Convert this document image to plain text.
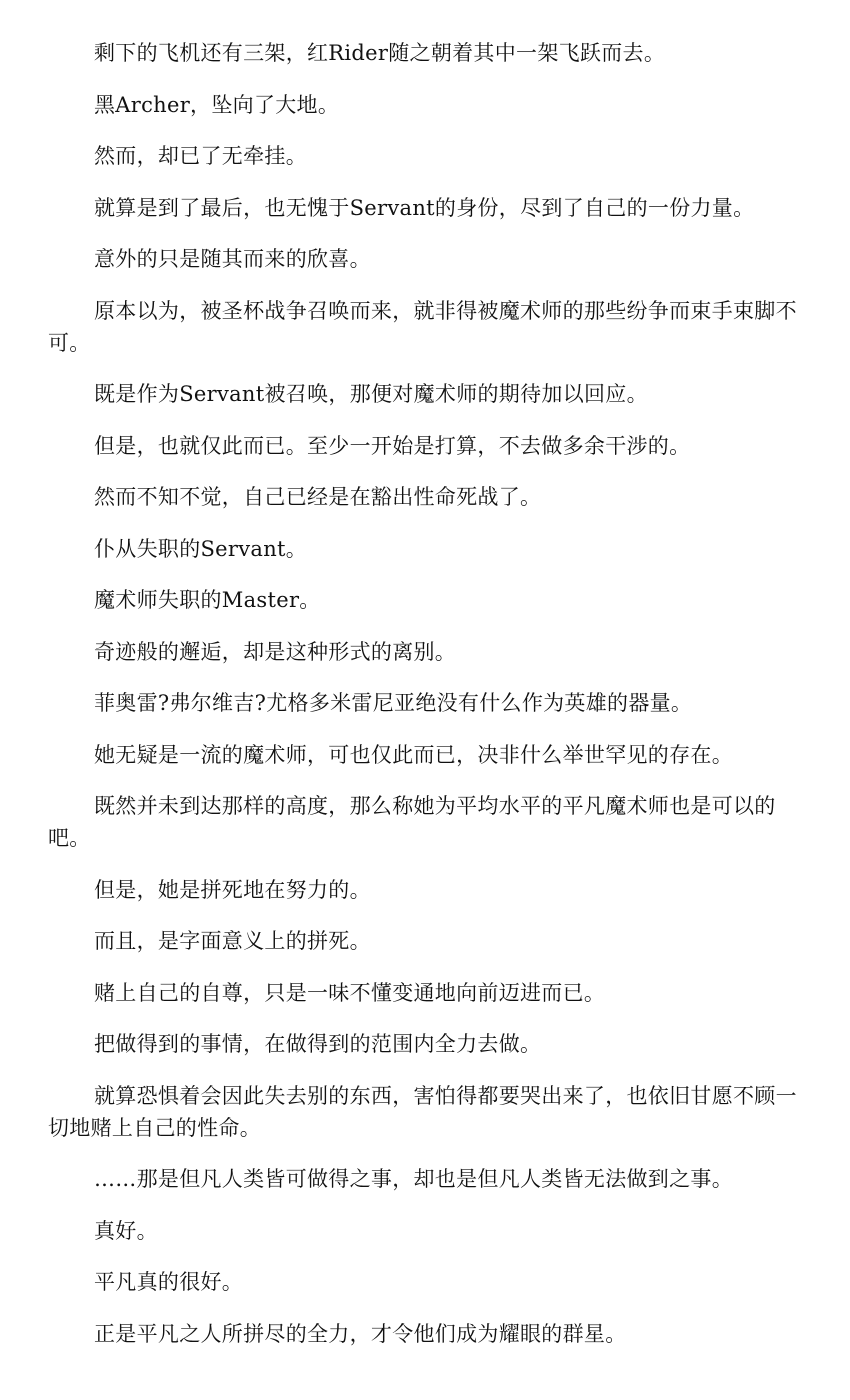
剩下的飞机还有三架，红Rider随之朝着其中一架飞跃而去。

黑Archer，坠向了大地。

然而，却已了无牵挂。

就算是到了最后，也无愧于Servant的身份，尽到了自己的一份力量。

意外的只是随其而来的欣喜。

原本以为，被圣杯战争召唤而来，就非得被魔术师的那些纷争而束手束脚不可。

既是作为Servant被召唤，那便对魔术师的期待加以回应。

但是，也就仅此而已。至少一开始是打算，不去做多余干涉的。

然而不知不觉，自己已经是在豁出性命死战了。

仆从失职的Servant。

魔术师失职的Master。

奇迹般的邂逅，却是这种形式的离别。

菲奥雷?弗尔维吉?尤格多米雷尼亚绝没有什么作为英雄的器量。

她无疑是一流的魔术师，可也仅此而已，决非什么举世罕见的存在。

既然并未到达那样的高度，那么称她为平均水平的平凡魔术师也是可以的吧。

但是，她是拼死地在努力的。

而且，是字面意义上的拼死。

赌上自己的自尊，只是一味不懂变通地向前迈进而已。

把做得到的事情，在做得到的范围内全力去做。

就算恐惧着会因此失去别的东西，害怕得都要哭出来了，也依旧甘愿不顾一切地赌上自己的性命。

……那是但凡人类皆可做得之事，却也是但凡人类皆无法做到之事。

真好。

平凡真的很好。

正是平凡之人所拼尽的全力，才令他们成为耀眼的群星。
